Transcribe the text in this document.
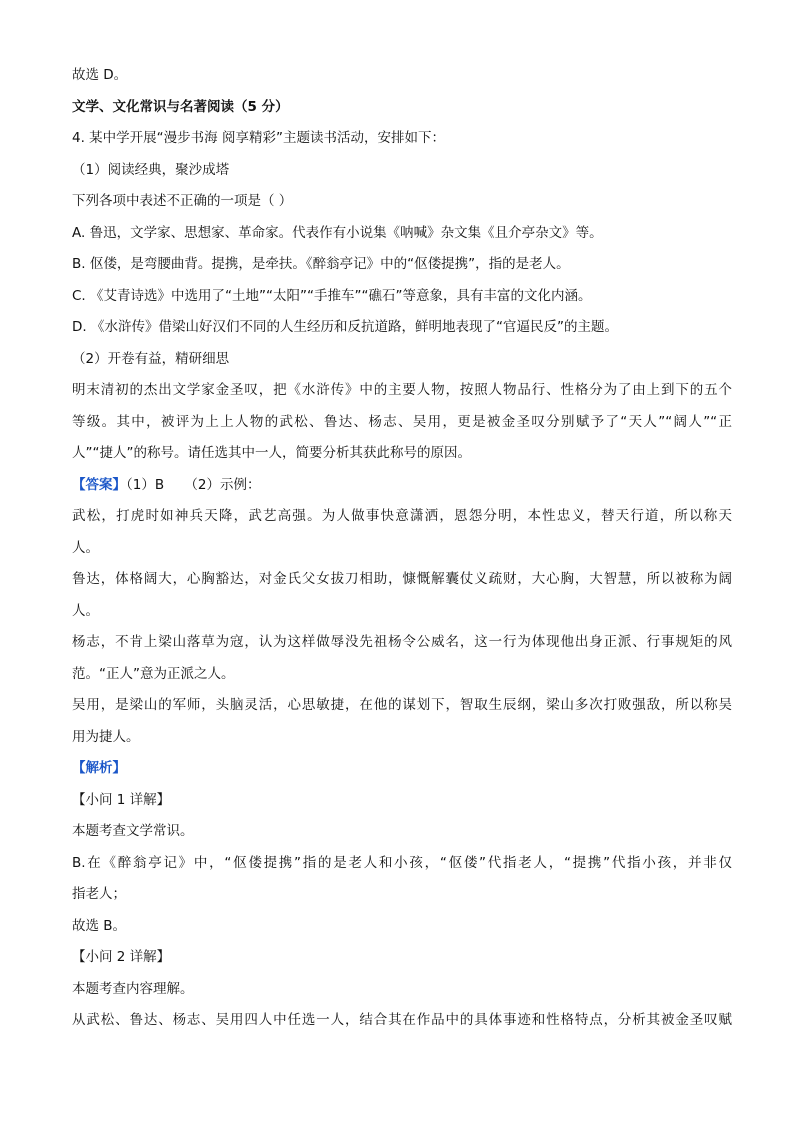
故选 D。
文学、文化常识与名著阅读（5 分）
4. 某中学开展“漫步书海 阅享精彩”主题读书活动，安排如下：
（1）阅读经典，聚沙成塔
下列各项中表述不正确的一项是（ ）
A. 鲁迅，文学家、思想家、革命家。代表作有小说集《呐喊》杂文集《且介亭杂文》等。
B. 伛偻，是弯腰曲背。提携，是牵扶。《醉翁亭记》中的“伛偻提携”，指的是老人。
C. 《艾青诗选》中选用了“土地”“太阳”“手推车”“礁石”等意象，具有丰富的文化内涵。
D. 《水浒传》借梁山好汉们不同的人生经历和反抗道路，鲜明地表现了“官逼民反”的主题。
（2）开卷有益，精研细思
明末清初的杰出文学家金圣叹，把《水浒传》中的主要人物，按照人物品行、性格分为了由上到下的五个
等级。其中，被评为上上人物的武松、鲁达、杨志、吴用，更是被金圣叹分别赋予了“天人”“阔人”“正
人”“捷人”的称号。请任选其中一人，简要分析其获此称号的原因。
【答案】（1）B　　（2）示例：
武松，打虎时如神兵天降，武艺高强。为人做事快意潇洒，恩怨分明，本性忠义，替天行道，所以称天
人。
鲁达，体格阔大，心胸豁达，对金氏父女拔刀相助，慷慨解囊仗义疏财，大心胸，大智慧，所以被称为阔
人。
杨志，不肯上梁山落草为寇，认为这样做辱没先祖杨令公威名，这一行为体现他出身正派、行事规矩的风
范。“正人”意为正派之人。
吴用，是梁山的军师，头脑灵活，心思敏捷，在他的谋划下，智取生辰纲，梁山多次打败强敌，所以称吴
用为捷人。
【解析】
【小问 1 详解】
本题考查文学常识。
B.在《醉翁亭记》中，“伛偻提携”指的是老人和小孩，“伛偻”代指老人，“提携”代指小孩，并非仅
指老人；
故选 B。
【小问 2 详解】
本题考查内容理解。
从武松、鲁达、杨志、吴用四人中任选一人，结合其在作品中的具体事迹和性格特点，分析其被金圣叹赋
